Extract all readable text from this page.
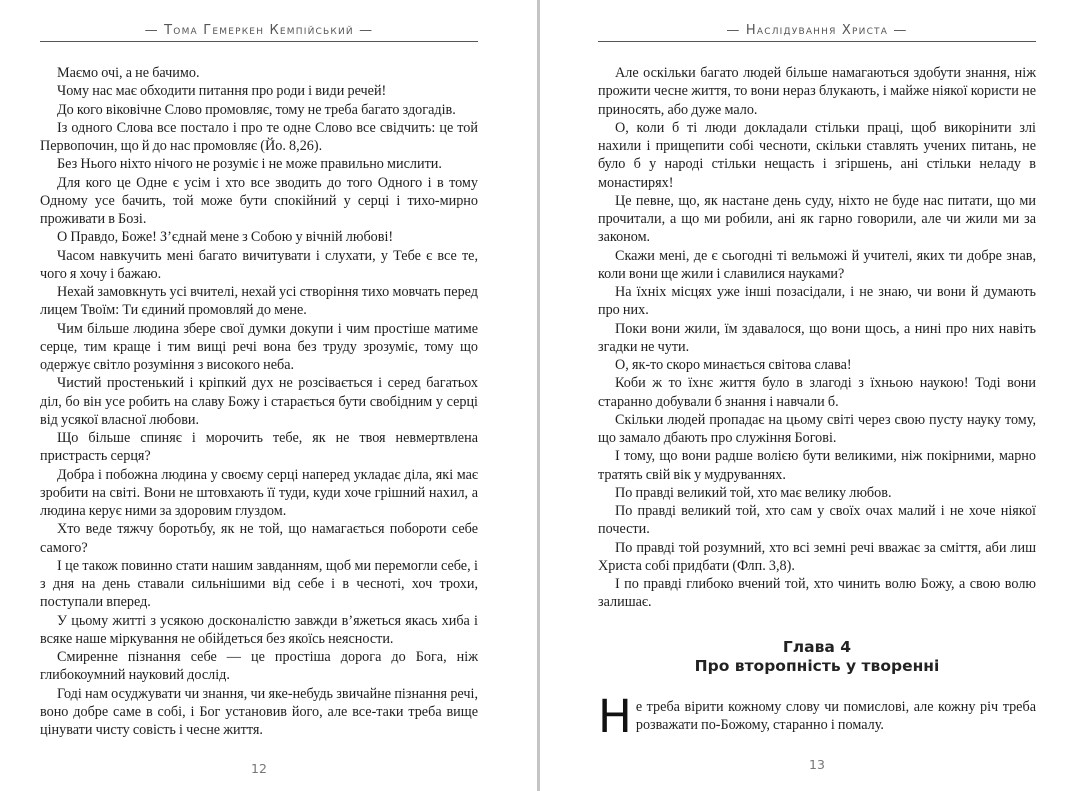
— Тома Гемеркен Кемпійський —

Маємо очі, а не бачимо.

Чому нас має обходити питання про роди і види речей!

До кого віковічне Слово промовляє, тому не треба багато здогадів.

Із одного Слова все постало і про те одне Слово все свідчить: це той Первопочин, що й до нас промовляє (Йо. 8,26).

Без Нього ніхто нічого не розуміє і не може правильно мислити.

Для кого це Одне є усім і хто все зводить до того Одного і в тому Одному усе бачить, той може бути спокійний у серці і тихо-мирно проживати в Бозі.

О Правдо, Боже! З’єднай мене з Собою у вічній любові!

Часом навкучить мені багато вичитувати і слухати, у Тебе є все те, чого я хочу і бажаю.

Нехай замовкнуть усі вчителі, нехай усі створіння тихо мовчать перед лицем Твоїм: Ти єдиний промовляй до мене.

Чим більше людина збере свої думки докупи і чим простіше матиме серце, тим краще і тим вищі речі вона без труду зрозуміє, тому що одержує світло розуміння з високого неба.

Чистий простенький і кріпкий дух не розсівається і серед багатьох діл, бо він усе робить на славу Божу і старається бути свобідним у серці від усякої власної любови.

Що більше спиняє і морочить тебе, як не твоя невмертвлена пристрасть серця?

Добра і побожна людина у своєму серці наперед укладає діла, які має зробити на світі. Вони не штовхають її туди, куди хоче грішний нахил, а людина керує ними за здоровим глуздом.

Хто веде тяжчу боротьбу, як не той, що намагається побороти себе самого?

І це також повинно стати нашим завданням, щоб ми перемогли себе, і з дня на день ставали сильнішими від себе і в чесноті, хоч трохи, поступали вперед.

У цьому житті з усякою досконалістю завжди в’яжеться якась хиба і всяке наше міркування не обійдеться без якоїсь неясности.

Смиренне пізнання себе — це простіша дорога до Бога, ніж глибокоумний науковий дослід.

Годі нам осуджувати чи знання, чи яке-небудь звичайне пізнання речі, воно добре саме в собі, і Бог установив його, але все-таки треба вище цінувати чисту совість і чесне життя.

12
— Наслідування Христа —

Але оскільки багато людей більше намагаються здобути знання, ніж прожити чесне життя, то вони нераз блукають, і майже ніякої користи не приносять, або дуже мало.

О, коли б ті люди докладали стільки праці, щоб викорінити злі нахили і прищепити собі чесноти, скільки ставлять учених питань, не було б у народі стільки нещасть і згіршень, ані стільки неладу в монастирях!

Це певне, що, як настане день суду, ніхто не буде нас питати, що ми прочитали, а що ми робили, ані як гарно говорили, але чи жили ми за законом.

Скажи мені, де є сьогодні ті вельможі й учителі, яких ти добре знав, коли вони ще жили і славилися науками?

На їхніх місцях уже інші позасідали, і не знаю, чи вони й думають про них.

Поки вони жили, їм здавалося, що вони щось, а нині про них навіть згадки не чути.

О, як-то скоро минається світова слава!

Коби ж то їхнє життя було в злагоді з їхньою наукою! Тоді вони старанно добували б знання і навчали б.

Скільки людей пропадає на цьому світі через свою пусту науку тому, що замало дбають про служіння Богові.

І тому, що вони радше волією бути великими, ніж покірними, марно тратять свій вік у мудруваннях.

По правді великий той, хто має велику любов.

По правді великий той, хто сам у своїх очах малий і не хоче ніякої почести.

По правді той розумний, хто всі земні речі вважає за сміття, аби лиш Христа собі придбати (Флп. 3,8).

І по правді глибоко вчений той, хто чинить волю Божу, а свою волю залишає.

Глава 4
Про второпність у творенні
Не треба вірити кожному слову чи помислові, але кожну річ треба розважати по-Божому, старанно і помалу.
13
